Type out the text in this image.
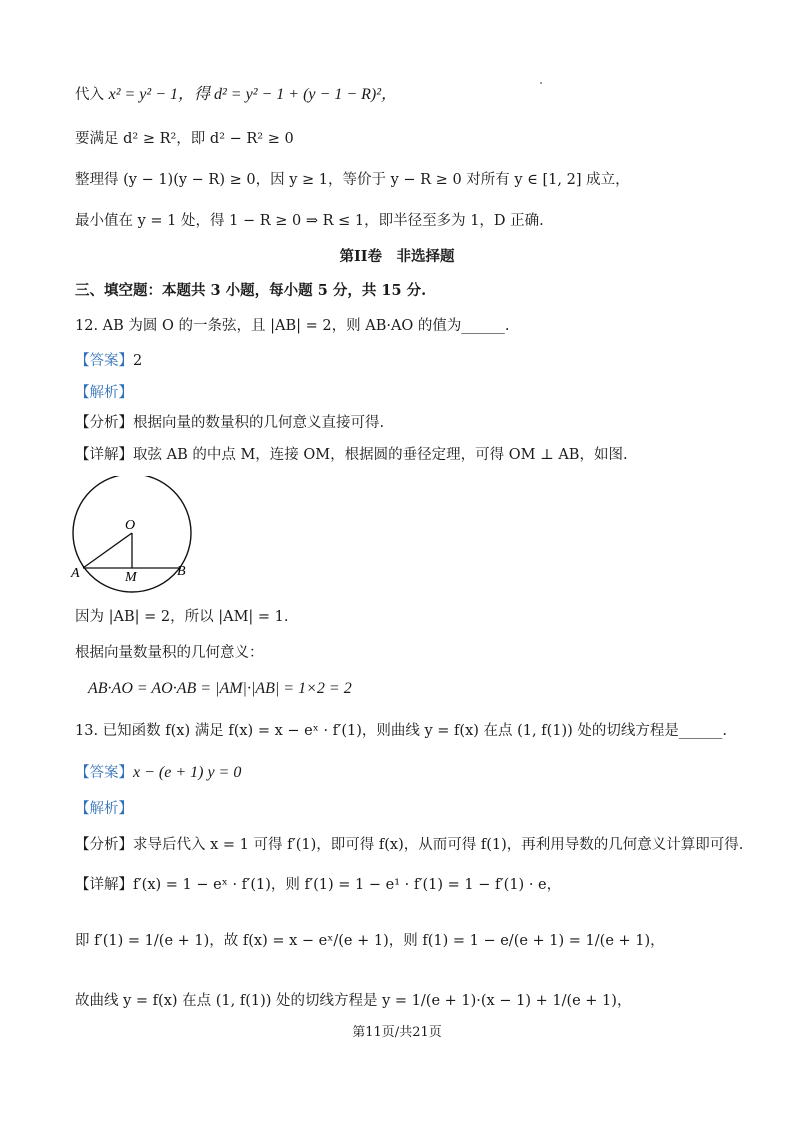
代入 x² = y² − 1，得 d² = y² − 1 + (y − 1 − R)²，
要满足 d² ≥ R²，即 d² − R² ≥ 0
整理得 (y − 1)(y − R) ≥ 0，因 y ≥ 1，等价于 y − R ≥ 0 对所有 y ∈ [1, 2] 成立，
最小值在 y = 1 处，得 1 − R ≥ 0 ⇒ R ≤ 1，即半径至多为 1，D 正确.
第II卷　非选择题
三、填空题：本题共 3 小题，每小题 5 分，共 15 分.
12. AB 为圆 O 的一条弦，且 |AB| = 2，则 AB·AO 的值为______.
【答案】2
【解析】
【分析】根据向量的数量积的几何意义直接可得.
【详解】取弦 AB 的中点 M，连接 OM，根据圆的垂径定理，可得 OM ⊥ AB，如图.
O
A	B
M
因为 |AB| = 2，所以 |AM| = 1.
根据向量数量积的几何意义：
AB·AO = AO·AB = |AM|·|AB| = 1×2 = 2
13. 已知函数 f(x) 满足 f(x) = x − eˣ · f′(1)，则曲线 y = f(x) 在点 (1, f(1)) 处的切线方程是______.
【答案】x − (e + 1) y = 0
【解析】
【分析】求导后代入 x = 1 可得 f′(1)，即可得 f(x)，从而可得 f(1)，再利用导数的几何意义计算即可得.
【详解】f′(x) = 1 − eˣ · f′(1)，则 f′(1) = 1 − e¹ · f′(1) = 1 − f′(1) · e，
即 f′(1) = 1/(e + 1)，故 f(x) = x − eˣ/(e + 1)，则 f(1) = 1 − e/(e + 1) = 1/(e + 1)，
故曲线 y = f(x) 在点 (1, f(1)) 处的切线方程是 y = 1/(e + 1)·(x − 1) + 1/(e + 1)，
第11页/共21页
